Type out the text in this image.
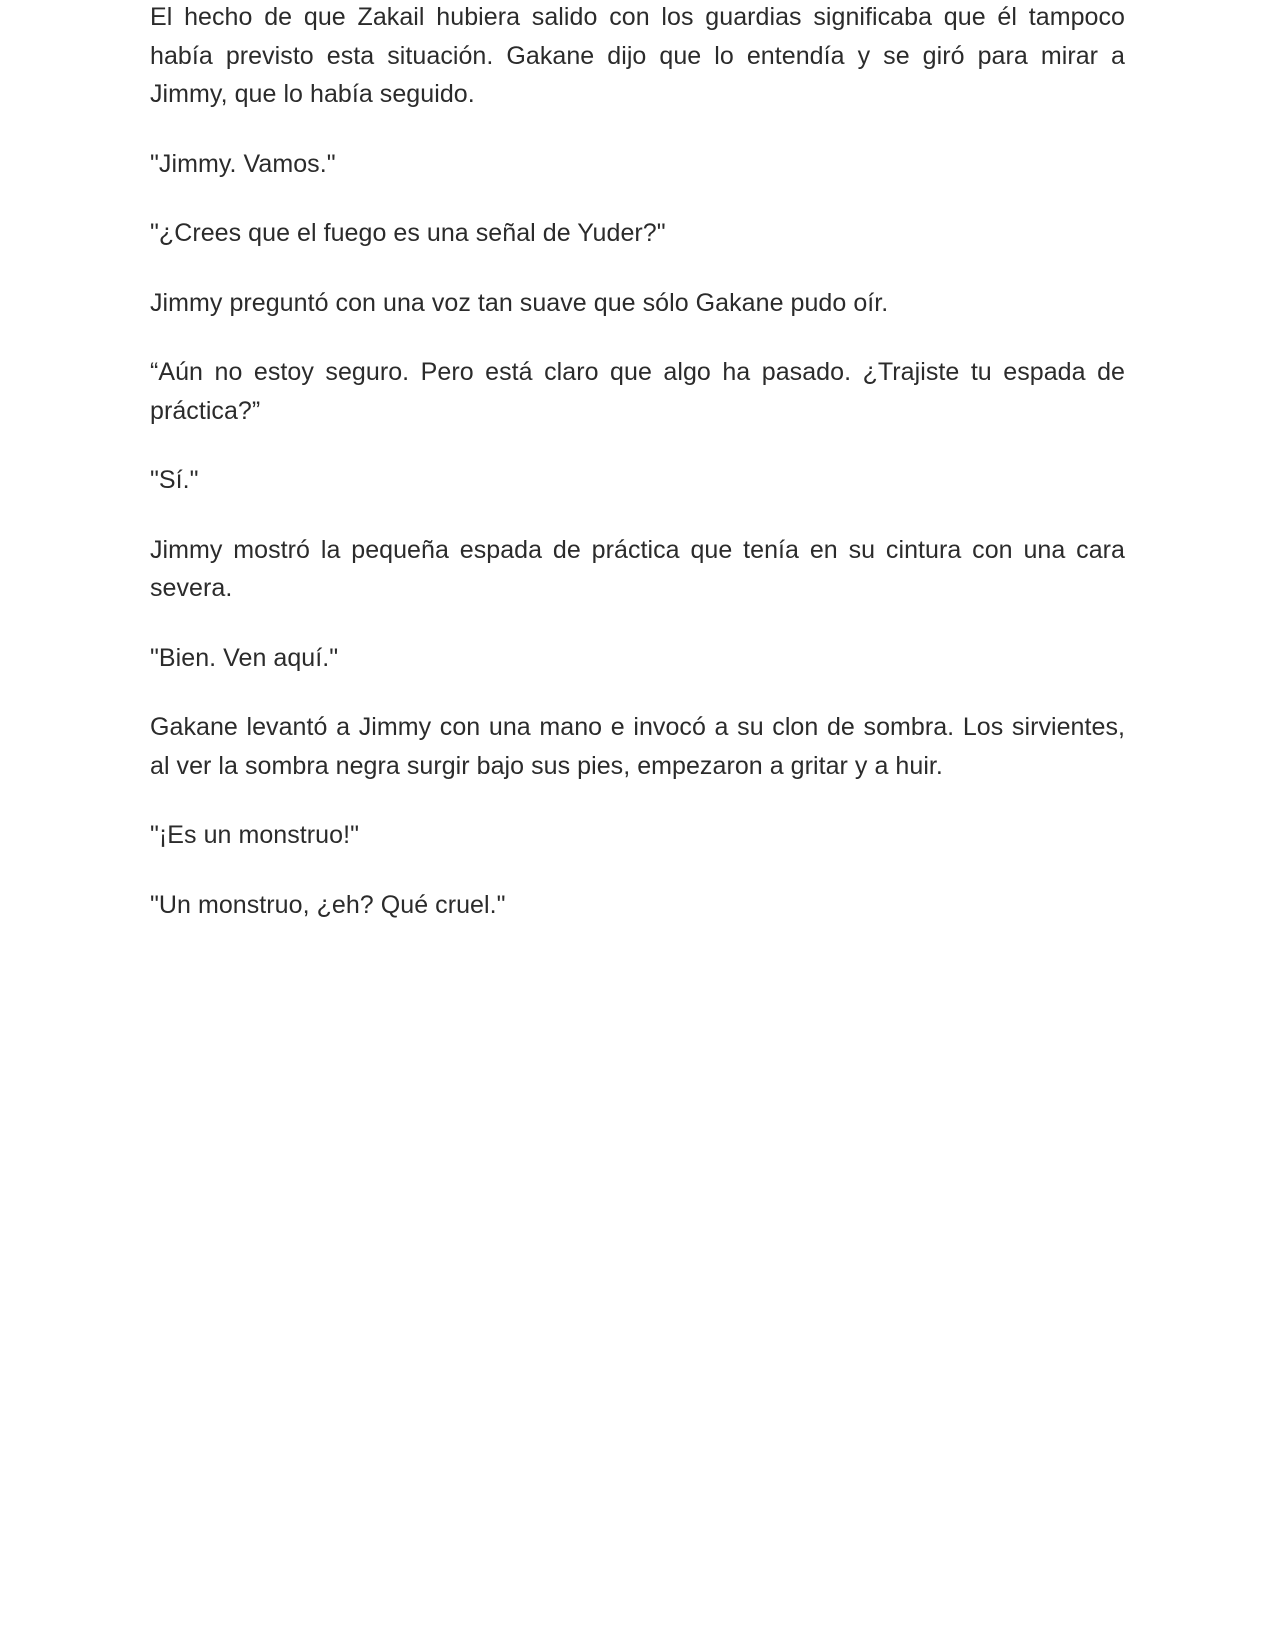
El hecho de que Zakail hubiera salido con los guardias significaba que él tampoco había previsto esta situación. Gakane dijo que lo entendía y se giró para mirar a Jimmy, que lo había seguido.

"Jimmy. Vamos."

"¿Crees que el fuego es una señal de Yuder?"

Jimmy preguntó con una voz tan suave que sólo Gakane pudo oír.

“Aún no estoy seguro. Pero está claro que algo ha pasado. ¿Trajiste tu espada de práctica?”

"Sí."

Jimmy mostró la pequeña espada de práctica que tenía en su cintura con una cara severa.

"Bien. Ven aquí."

Gakane levantó a Jimmy con una mano e invocó a su clon de sombra. Los sirvientes, al ver la sombra negra surgir bajo sus pies, empezaron a gritar y a huir.

"¡Es un monstruo!"

"Un monstruo, ¿eh? Qué cruel."
